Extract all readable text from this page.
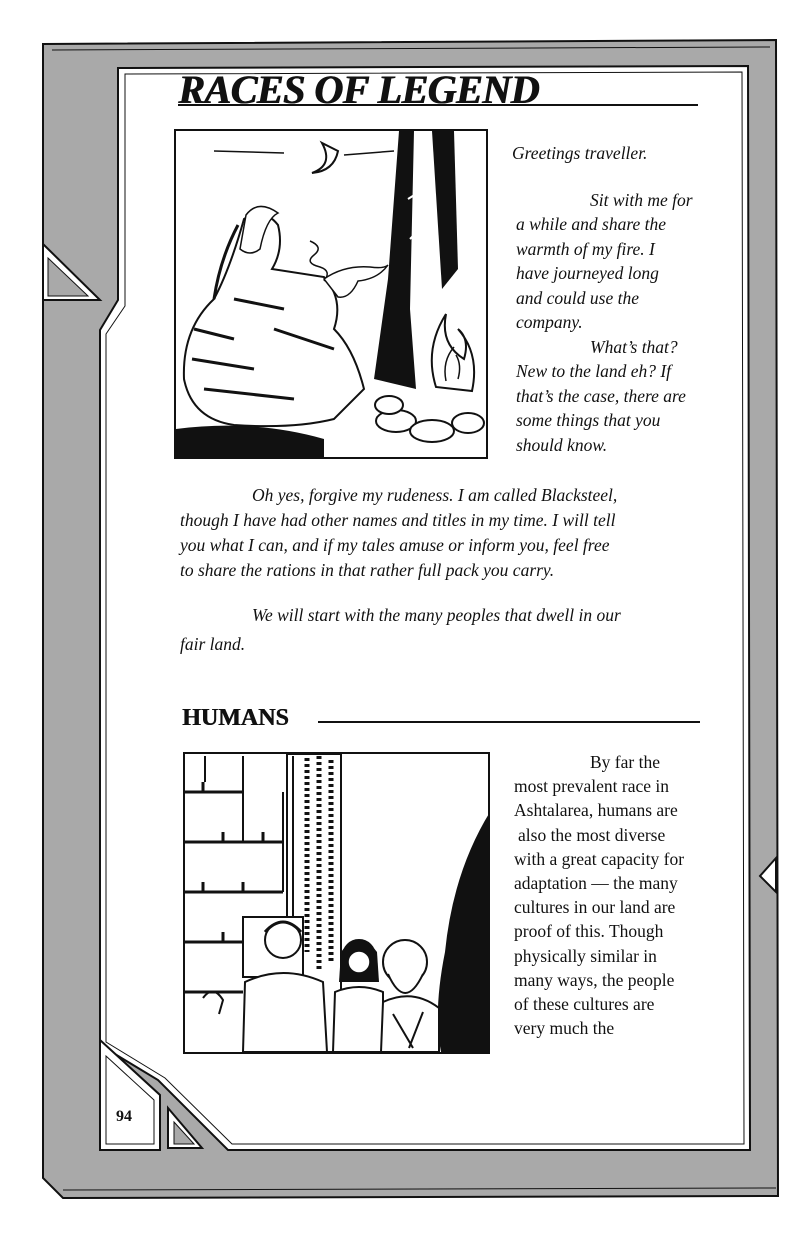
RACES OF LEGEND
Greetings traveller.
Sit with me for
a while and share the
warmth of my fire. I
have journeyed long
and could use the
company.
What’s that?
New to the land eh? If
that’s the case, there are
some things that you
should know.
Oh yes, forgive my rudeness. I am called Blacksteel,
though I have had other names and titles in my time. I will tell
you what I can, and if my tales amuse or inform you, feel free
to share the rations in that rather full pack you carry.
We will start with the many peoples that dwell in our
fair land.
HUMANS
By far the
most prevalent race in
Ashtalarea, humans are
also the most diverse
with a great capacity for
adaptation — the many
cultures in our land are
proof of this. Though
physically similar in
many ways, the people
of these cultures are
very much the
94
